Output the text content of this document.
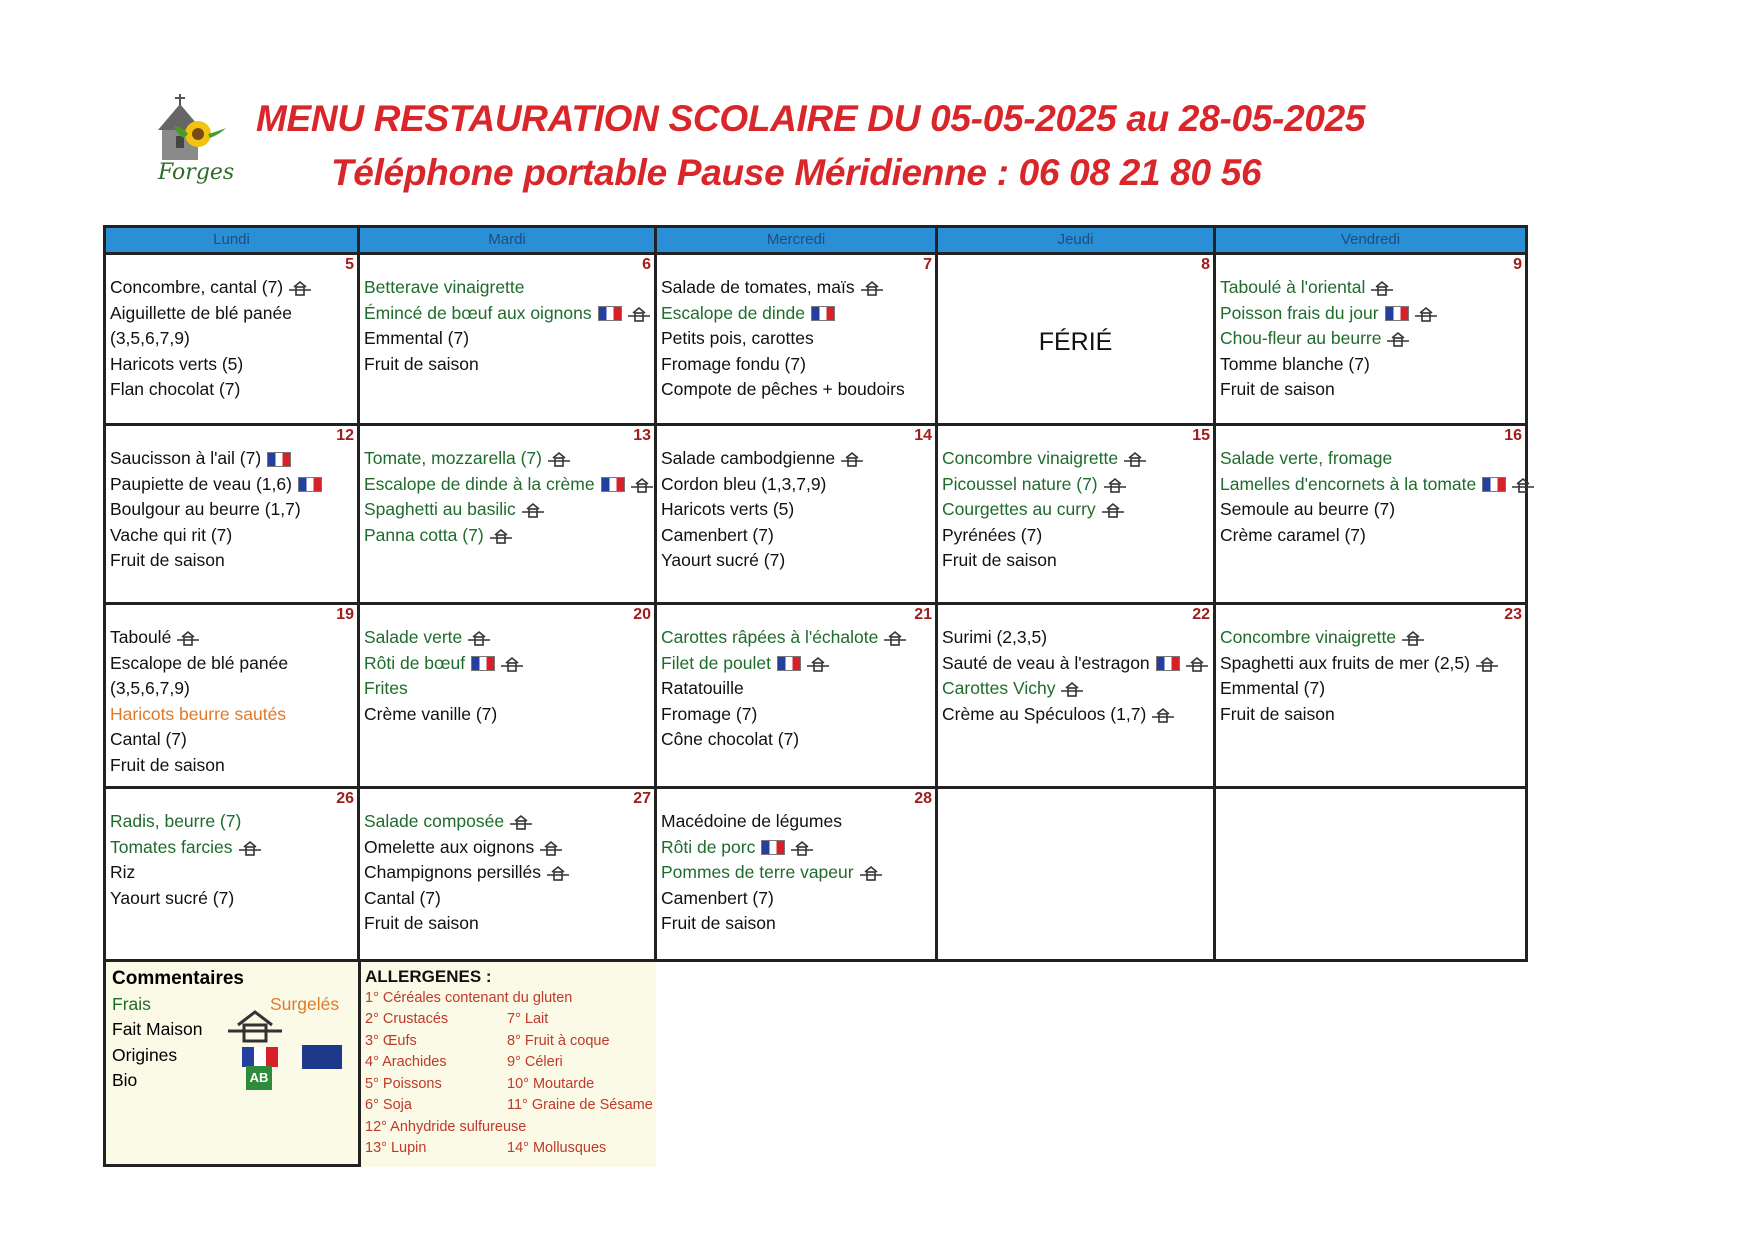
Forges
MENU RESTAURATION SCOLAIRE DU 05-05-2025 au 28-05-2025
Téléphone portable Pause Méridienne : 06 08 21 80 56
Lundi	Mardi	Mercredi	Jeudi	Vendredi
5
Concombre, cantal (7)
Aiguillette de blé panée
(3,5,6,7,9)
Haricots verts (5)
Flan chocolat (7)
6
Betterave vinaigrette
Émincé de bœuf aux oignons
Emmental (7)
Fruit de saison
7
Salade de tomates, maïs
Escalope de dinde
Petits pois, carottes
Fromage fondu (7)
Compote de pêches + boudoirs
8
FÉRIÉ
9
Taboulé à l'oriental
Poisson frais du jour
Chou-fleur au beurre
Tomme blanche (7)
Fruit de saison
12
Saucisson à l'ail (7)
Paupiette de veau (1,6)
Boulgour au beurre (1,7)
Vache qui rit (7)
Fruit de saison
13
Tomate, mozzarella (7)
Escalope de dinde à la crème
Spaghetti au basilic
Panna cotta (7)
14
Salade cambodgienne
Cordon bleu (1,3,7,9)
Haricots verts (5)
Camenbert (7)
Yaourt sucré (7)
15
Concombre vinaigrette
Picoussel nature (7)
Courgettes au curry
Pyrénées (7)
Fruit de saison
16
Salade verte, fromage
Lamelles d'encornets à la tomate
Semoule au beurre (7)
Crème caramel (7)
19
Taboulé
Escalope de blé panée
(3,5,6,7,9)
Haricots beurre sautés
Cantal (7)
Fruit de saison
20
Salade verte
Rôti de bœuf
Frites
Crème vanille (7)
21
Carottes râpées à l'échalote
Filet de poulet
Ratatouille
Fromage (7)
Cône chocolat (7)
22
Surimi (2,3,5)
Sauté de veau à l'estragon
Carottes Vichy
Crème au Spéculoos (1,7)
23
Concombre vinaigrette
Spaghetti aux fruits de mer (2,5)
Emmental (7)
Fruit de saison
26
Radis, beurre (7)
Tomates farcies
Riz
Yaourt sucré (7)
27
Salade composée
Omelette aux oignons
Champignons persillés
Cantal (7)
Fruit de saison
28
Macédoine de légumes
Rôti de porc
Pommes de terre vapeur
Camenbert (7)
Fruit de saison
Commentaires
Frais	Surgelés
Fait Maison
Origines
Bio	AB
ALLERGENES :
1° Céréales contenant du gluten
2° Crustacés	7° Lait
3° Œufs	8° Fruit à coque
4° Arachides	9° Céleri
5° Poissons	10° Moutarde
6° Soja	11° Graine de Sésame
12° Anhydride sulfureuse
13° Lupin	14° Mollusques
